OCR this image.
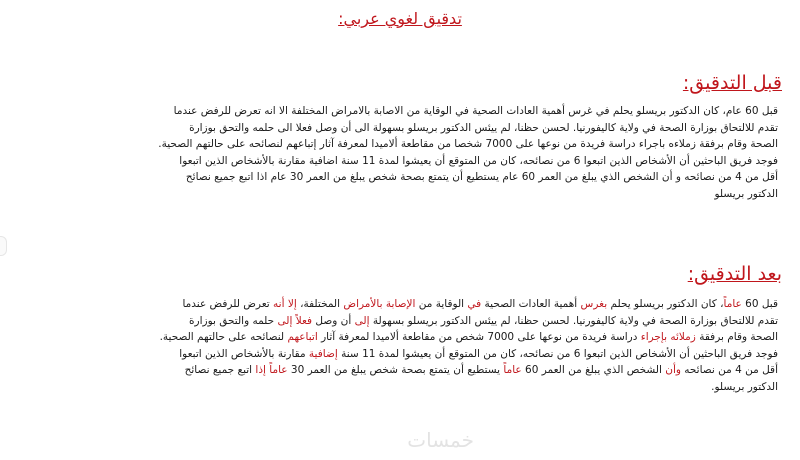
تدقيق لغوي عربي:
قبل التدقيق:
قبل 60 عام، كان الدكتور بريسلو يحلم في غرس أهمية العادات الصحية في الوقاية من الاصابة بالامراض المختلفة الا انه تعرض للرفض عندما
تقدم للالتحاق بوزارة الصحة في ولاية كاليفورنيا. لحسن حظنا، لم ييئس الدكتور بريسلو بسهولة الى أن وصل فعلا الى حلمه والتحق بوزارة
الصحة وقام برفقة زملاءه باجراء دراسة فريدة من نوعها على 7000 شخصا من مقاطعة ألاميدا لمعرفة آثار إتباعهم لنصائحه على حالتهم الصحية.
فوجد فريق الباحثين أن الأشخاص الذين اتبعوا 6 من نصائحه، كان من المتوقع أن يعيشوا لمدة 11 سنة اضافية مقارنة بالأشخاص الذين اتبعوا
أقل من 4 من نصائحه و أن الشخص الذي يبلغ من العمر 60 عام يستطيع أن يتمتع بصحة شخص يبلغ من العمر 30 عام اذا اتبع جميع نصائح
الدكتور بريسلو
بعد التدقيق:
قبل 60 عاماً، كان الدكتور بريسلو يحلم بغرس أهمية العادات الصحية في الوقاية من الإصابة بالأمراض المختلفة، إلا أنه تعرض للرفض عندما
تقدم للالتحاق بوزارة الصحة في ولاية كاليفورنيا. لحسن حظنا، لم ييئس الدكتور بريسلو بسهولة إلى أن وصل فعلاً إلى حلمه والتحق بوزارة
الصحة وقام برفقة زملائه بإجراء دراسة فريدة من نوعها على 7000 شخص من مقاطعة ألاميدا لمعرفة آثار اتباعهم لنصائحه على حالتهم الصحية.
فوجد فريق الباحثين أن الأشخاص الذين اتبعوا 6 من نصائحه، كان من المتوقع أن يعيشوا لمدة 11 سنة إضافية مقارنة بالأشخاص الذين اتبعوا
أقل من 4 من نصائحه وأن الشخص الذي يبلغ من العمر 60 عاماً يستطيع أن يتمتع بصحة شخص يبلغ من العمر 30 عاماً إذا اتبع جميع نصائح
الدكتور بريسلو.
خمسات
